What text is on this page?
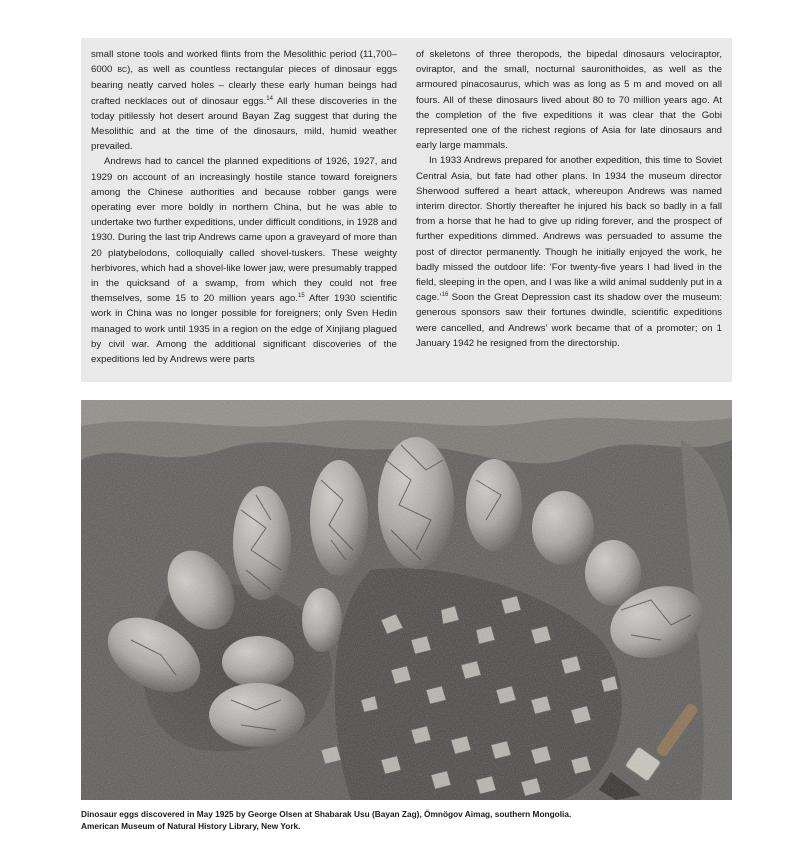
small stone tools and worked flints from the Mesolithic period (11,700–6000 BC), as well as countless rectangular pieces of dinosaur eggs bearing neatly carved holes – clearly these early human beings had crafted necklaces out of dinosaur eggs.$^{14}$ All these discoveries in the today pitilessly hot desert around Bayan Zag suggest that during the Mesolithic and at the time of the dinosaurs, mild, humid weather prevailed.

Andrews had to cancel the planned expeditions of 1926, 1927, and 1929 on account of an increasingly hostile stance toward foreigners among the Chinese authorities and because robber gangs were operating ever more boldly in northern China, but he was able to undertake two further expeditions, under difficult conditions, in 1928 and 1930. During the last trip Andrews came upon a graveyard of more than 20 platybelodons, colloquially called shovel-tuskers. These weighty herbivores, which had a shovel-like lower jaw, were presumably trapped in the quicksand of a swamp, from which they could not free themselves, some 15 to 20 million years ago.$^{15}$ After 1930 scientific work in China was no longer possible for foreigners; only Sven Hedin managed to work until 1935 in a region on the edge of Xinjiang plagued by civil war. Among the additional significant discoveries of the expeditions led by Andrews were parts

of skeletons of three theropods, the bipedal dinosaurs velociraptor, oviraptor, and the small, nocturnal sauronithoides, as well as the armoured pinacosaurus, which was as long as 5 m and moved on all fours. All of these dinosaurs lived about 80 to 70 million years ago. At the completion of the five expeditions it was clear that the Gobi represented one of the richest regions of Asia for late dinosaurs and early large mammals.

In 1933 Andrews prepared for another expedition, this time to Soviet Central Asia, but fate had other plans. In 1934 the museum director Sherwood suffered a heart attack, whereupon Andrews was named interim director. Shortly thereafter he injured his back so badly in a fall from a horse that he had to give up riding forever, and the prospect of further expeditions dimmed. Andrews was persuaded to assume the post of director permanently. Though he initially enjoyed the work, he badly missed the outdoor life: ‘For twenty-five years I had lived in the field, sleeping in the open, and I was like a wild animal suddenly put in a cage.’$^{16}$ Soon the Great Depression cast its shadow over the museum: generous sponsors saw their fortunes dwindle, scientific expeditions were cancelled, and Andrews’ work became that of a promoter; on 1 January 1942 he resigned from the directorship.

Dinosaur eggs discovered in May 1925 by George Olsen at Shabarak Usu (Bayan Zag), Ömnögov Aimag, southern Mongolia.
American Museum of Natural History Library, New York.
